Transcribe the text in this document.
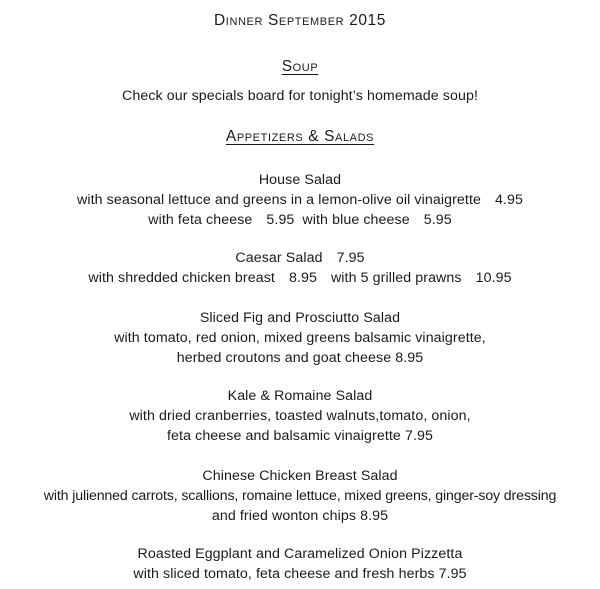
Dinner September 2015
Soup
Check our specials board for tonight’s homemade soup!
Appetizers & Salads
House Salad
with seasonal lettuce and greens in a lemon-olive oil vinaigrette 4.95
with feta cheese 5.95 with blue cheese 5.95
Caesar Salad 7.95
with shredded chicken breast 8.95 with 5 grilled prawns 10.95
Sliced Fig and Prosciutto Salad
with tomato, red onion, mixed greens balsamic vinaigrette,
herbed croutons and goat cheese 8.95
Kale & Romaine Salad
with dried cranberries, toasted walnuts,tomato, onion,
feta cheese and balsamic vinaigrette 7.95
Chinese Chicken Breast Salad
with julienned carrots, scallions, romaine lettuce, mixed greens, ginger-soy dressing
and fried wonton chips 8.95
Roasted Eggplant and Caramelized Onion Pizzetta
with sliced tomato, feta cheese and fresh herbs 7.95
